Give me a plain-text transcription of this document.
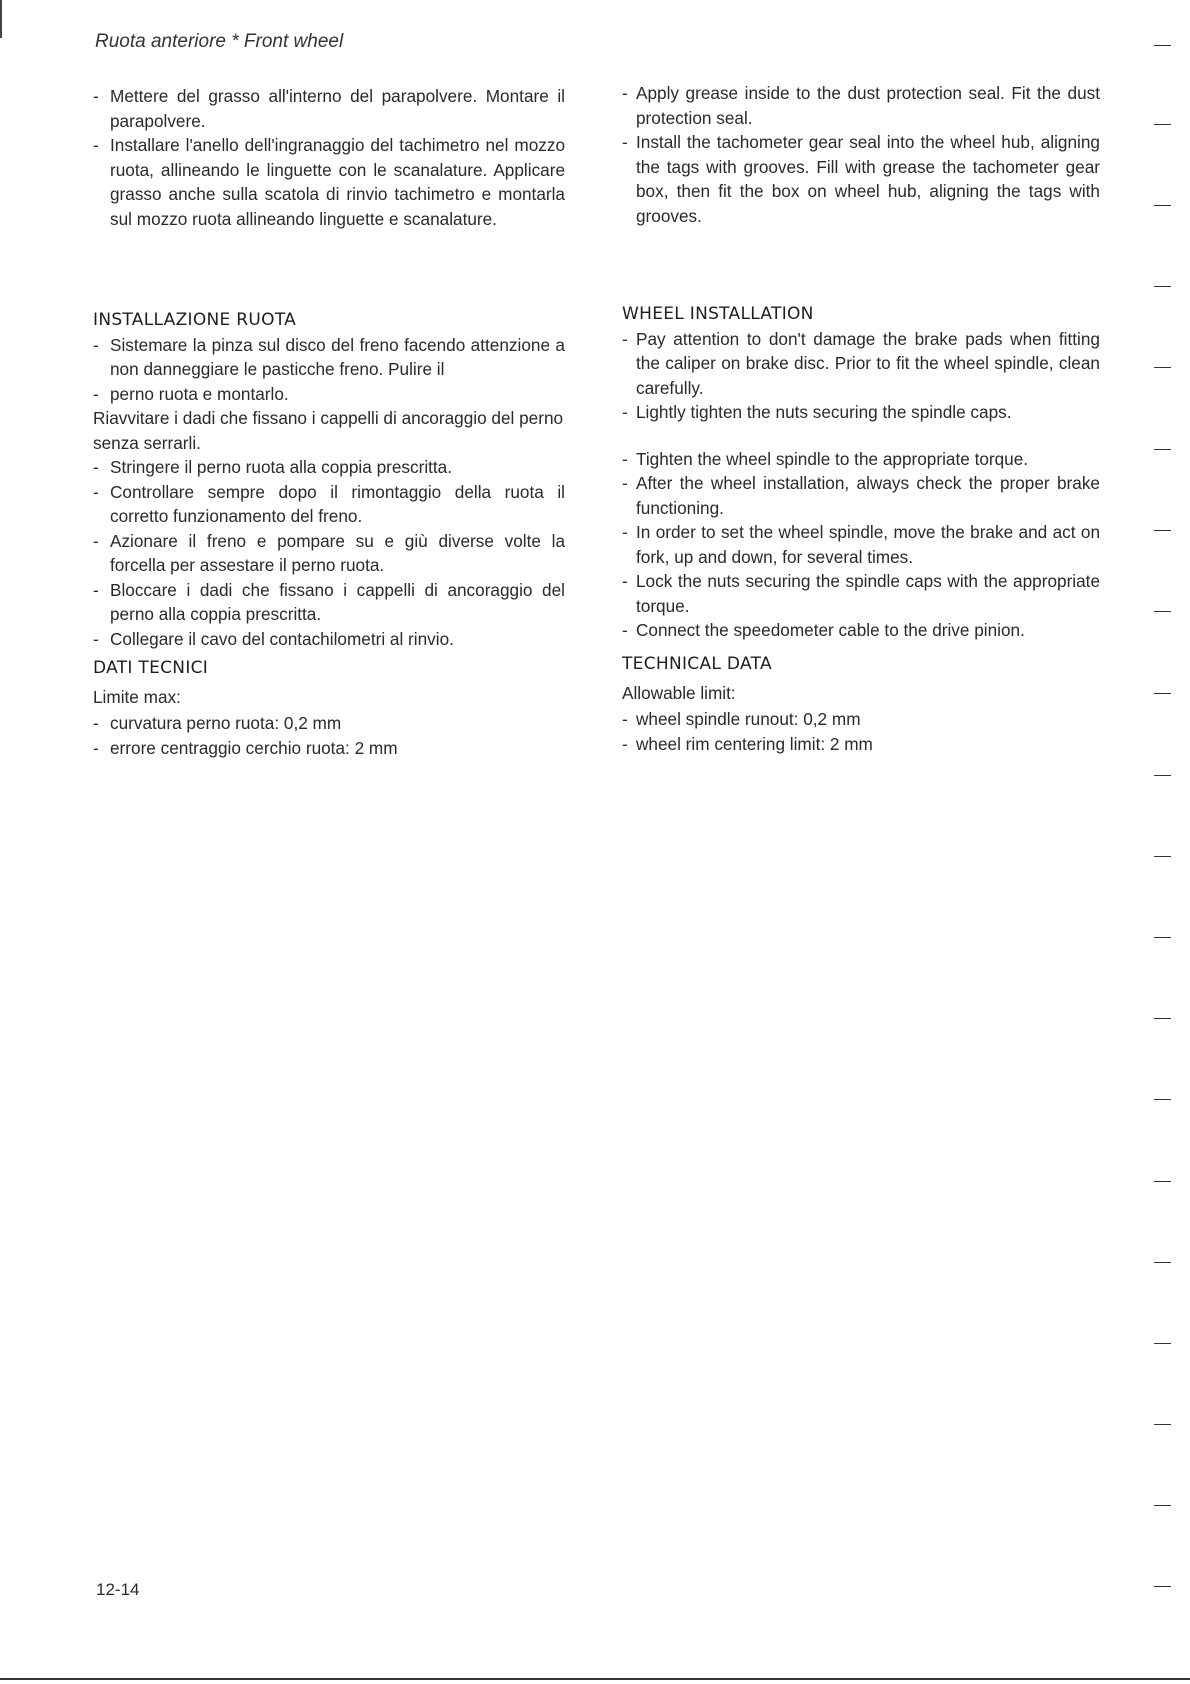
Ruota anteriore * Front wheel
- Mettere del grasso all'interno del parapolvere. Montare il parapolvere.
- Installare l'anello dell'ingranaggio del tachimetro nel mozzo ruota, allineando le linguette con le scanalature. Applicare grasso anche sulla scatola di rinvio tachimetro e montarla sul mozzo ruota allineando linguette e scanalature.
INSTALLAZIONE RUOTA
- Sistemare la pinza sul disco del freno facendo attenzione a non danneggiare le pasticche freno. Pulire il
- perno ruota e montarlo.

Riavvitare i dadi che fissano i cappelli di ancoraggio del perno senza serrarli.

- Stringere il perno ruota alla coppia prescritta.
- Controllare sempre dopo il rimontaggio della ruota il corretto funzionamento del freno.
- Azionare il freno e pompare su e giù diverse volte la forcella per assestare il perno ruota.
- Bloccare i dadi che fissano i cappelli di ancoraggio del perno alla coppia prescritta.
- Collegare il cavo del contachilometri al rinvio.
DATI TECNICI

Limite max:

- curvatura perno ruota: 0,2 mm
- errore centraggio cerchio ruota: 2 mm
- Apply grease inside to the dust protection seal. Fit the dust protection seal.
- Install the tachometer gear seal into the wheel hub, aligning the tags with grooves. Fill with grease the tachometer gear box, then fit the box on wheel hub, aligning the tags with grooves.
WHEEL INSTALLATION
- Pay attention to don't damage the brake pads when fitting the caliper on brake disc. Prior to fit the wheel spindle, clean carefully.
- Lightly tighten the nuts securing the spindle caps.
- Tighten the wheel spindle to the appropriate torque.
- After the wheel installation, always check the proper brake functioning.
- In order to set the wheel spindle, move the brake and act on fork, up and down, for several times.
- Lock the nuts securing the spindle caps with the appropriate torque.
- Connect the speedometer cable to the drive pinion.
TECHNICAL DATA

Allowable limit:

- wheel spindle runout: 0,2 mm
- wheel rim centering limit: 2 mm
12-14
